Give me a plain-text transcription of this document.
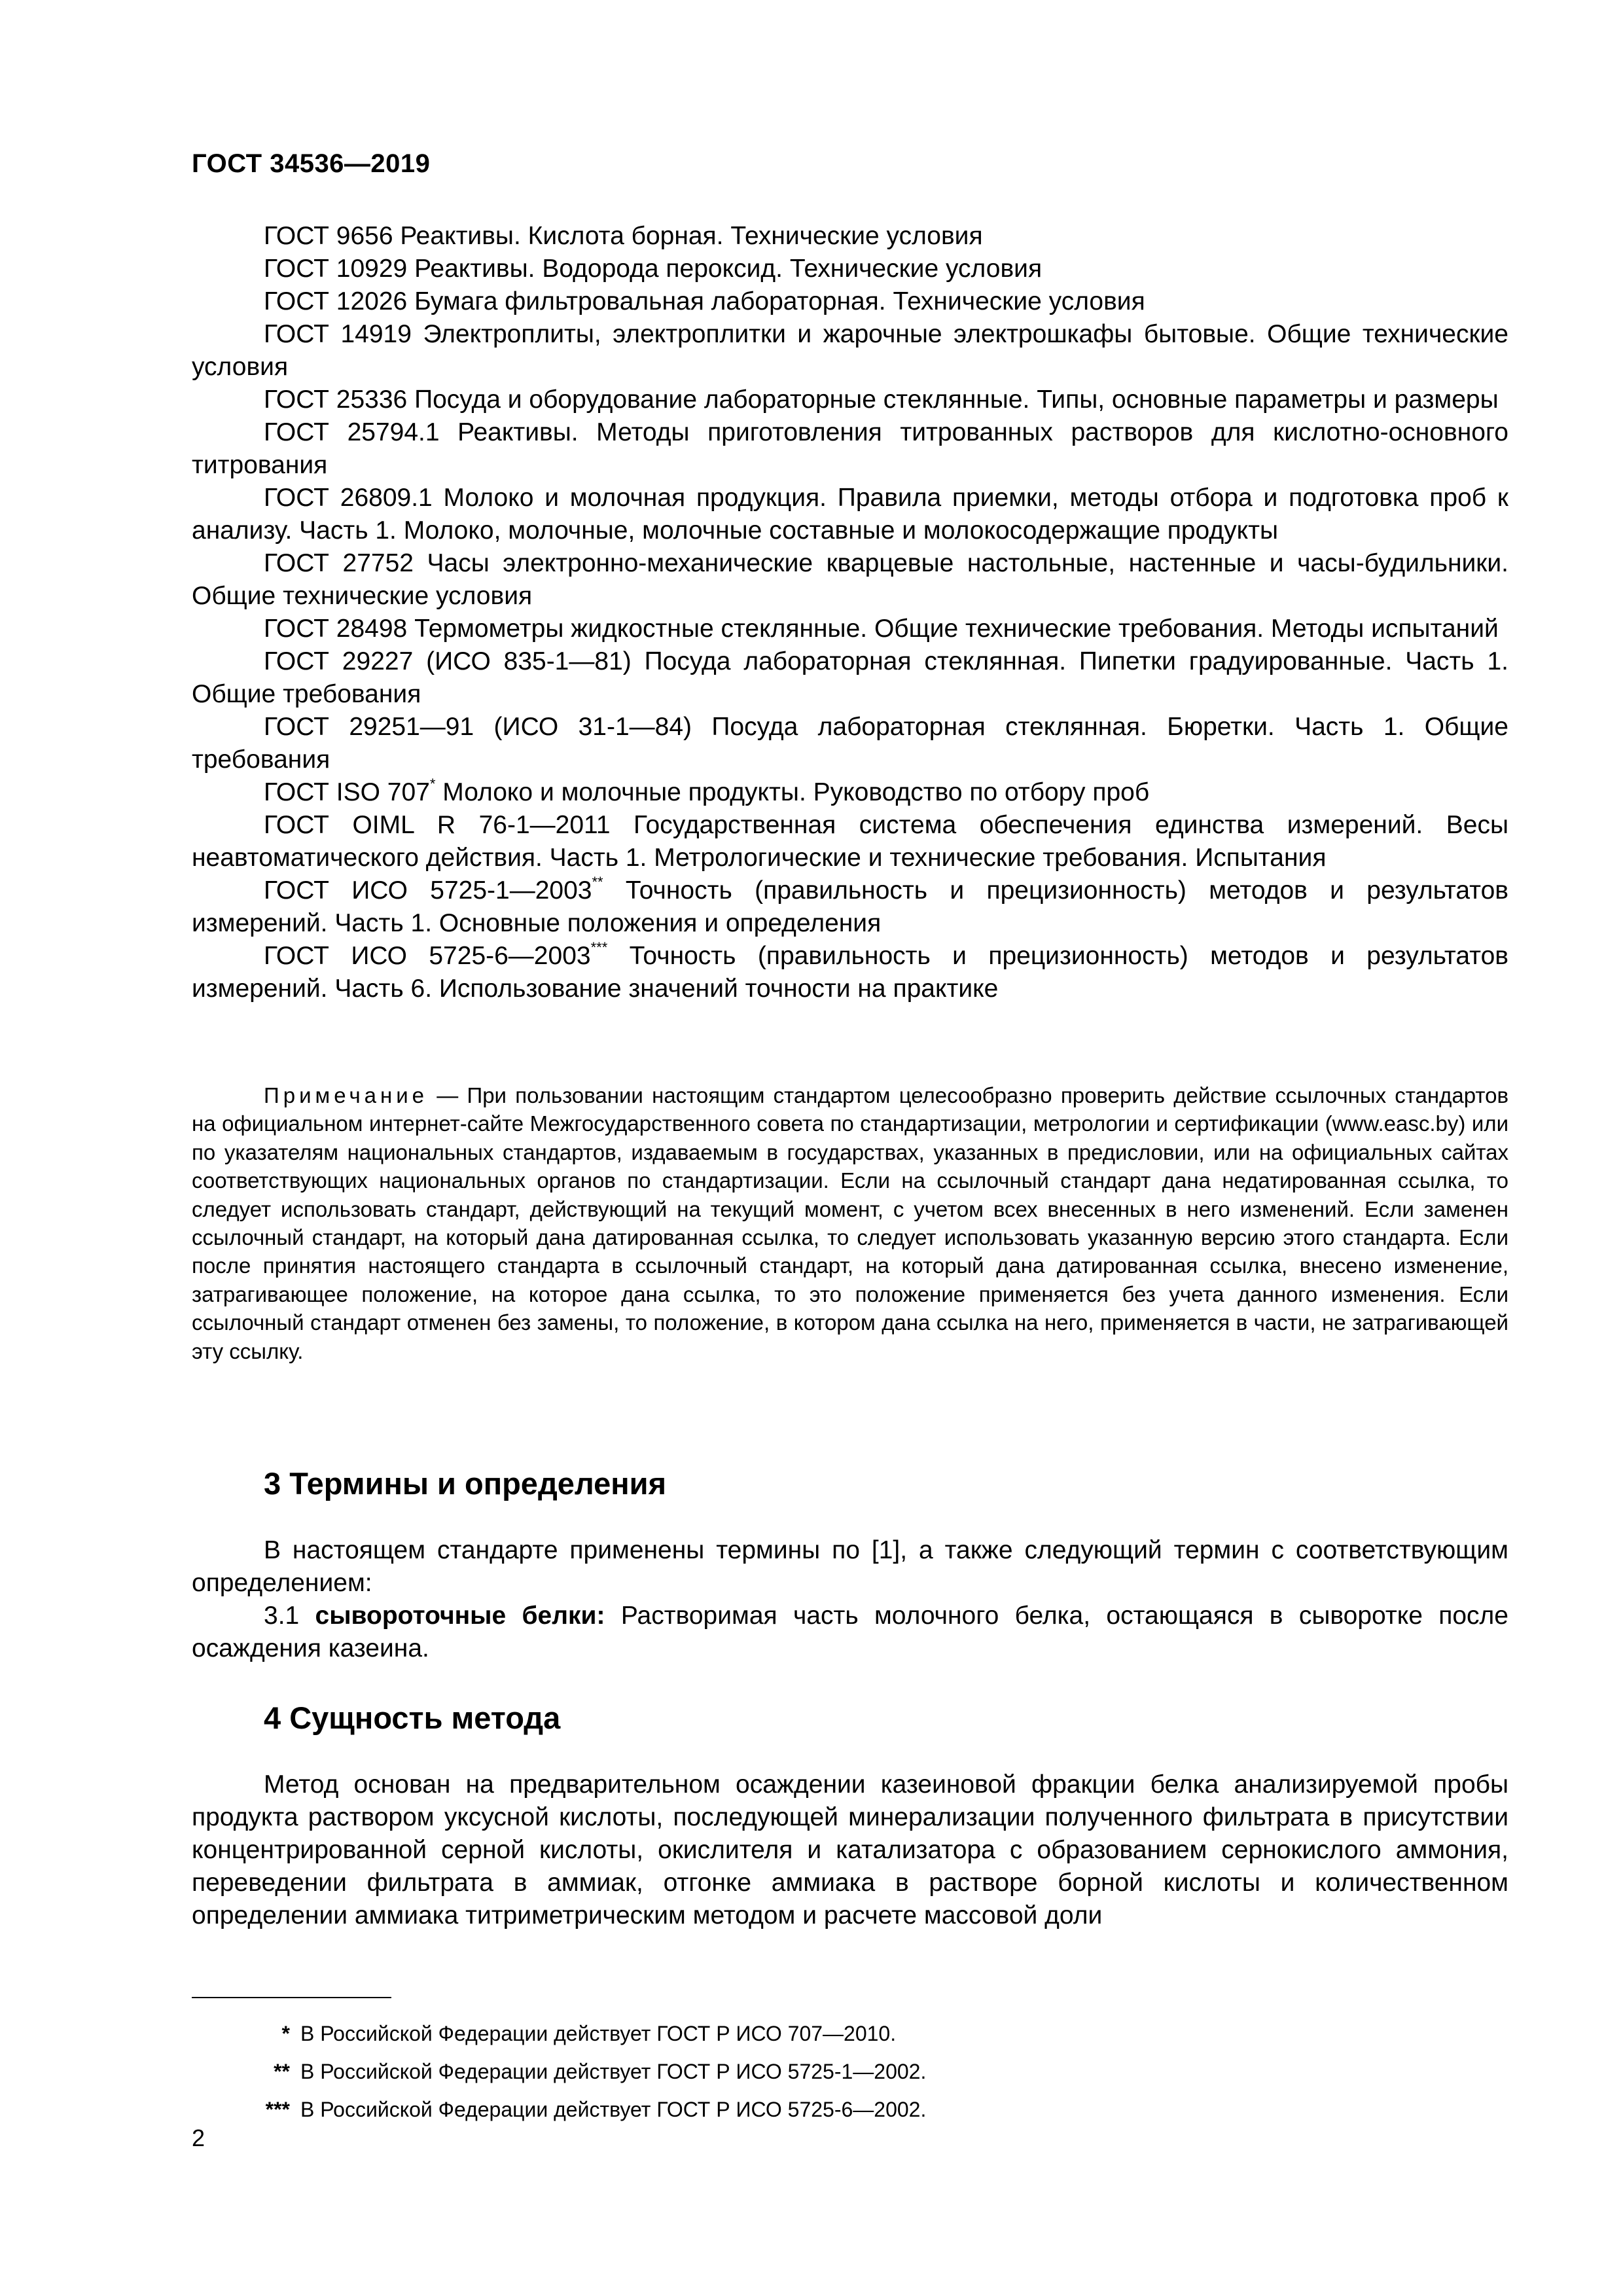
ГОСТ 34536—2019

ГОСТ 9656 Реактивы. Кислота борная. Технические условия

ГОСТ 10929 Реактивы. Водорода пероксид. Технические условия

ГОСТ 12026 Бумага фильтровальная лабораторная. Технические условия

ГОСТ 14919 Электроплиты, электроплитки и жарочные электрошкафы бытовые. Общие технические условия

ГОСТ 25336 Посуда и оборудование лабораторные стеклянные. Типы, основные параметры и размеры

ГОСТ 25794.1 Реактивы. Методы приготовления титрованных растворов для кислотно-основного титрования

ГОСТ 26809.1 Молоко и молочная продукция. Правила приемки, методы отбора и подготовка проб к анализу. Часть 1. Молоко, молочные, молочные составные и молокосодержащие продукты

ГОСТ 27752 Часы электронно-механические кварцевые настольные, настенные и часы-будильники. Общие технические условия

ГОСТ 28498 Термометры жидкостные стеклянные. Общие технические требования. Методы испытаний

ГОСТ 29227 (ИСО 835-1—81) Посуда лабораторная стеклянная. Пипетки градуированные. Часть 1. Общие требования

ГОСТ 29251—91 (ИСО 31-1—84) Посуда лабораторная стеклянная. Бюретки. Часть 1. Общие требования

ГОСТ ISO 707* Молоко и молочные продукты. Руководство по отбору проб

ГОСТ OIML R 76-1—2011 Государственная система обеспечения единства измерений. Весы неавтоматического действия. Часть 1. Метрологические и технические требования. Испытания

ГОСТ ИСО 5725-1—2003** Точность (правильность и прецизионность) методов и результатов измерений. Часть 1. Основные положения и определения

ГОСТ ИСО 5725-6—2003*** Точность (правильность и прецизионность) методов и результатов измерений. Часть 6. Использование значений точности на практике

Примечание — При пользовании настоящим стандартом целесообразно проверить действие ссылочных стандартов на официальном интернет-сайте Межгосударственного совета по стандартизации, метрологии и сертификации (www.easc.by) или по указателям национальных стандартов, издаваемым в государствах, указанных в предисловии, или на официальных сайтах соответствующих национальных органов по стандартизации. Если на ссылочный стандарт дана недатированная ссылка, то следует использовать стандарт, действующий на текущий момент, с учетом всех внесенных в него изменений. Если заменен ссылочный стандарт, на который дана датированная ссылка, то следует использовать указанную версию этого стандарта. Если после принятия настоящего стандарта в ссылочный стандарт, на который дана датированная ссылка, внесено изменение, затрагивающее положение, на которое дана ссылка, то это положение применяется без учета данного изменения. Если ссылочный стандарт отменен без замены, то положение, в котором дана ссылка на него, применяется в части, не затрагивающей эту ссылку.

3 Термины и определения

В настоящем стандарте применены термины по [1], а также следующий термин с соответствующим определением:

3.1 сывороточные белки: Растворимая часть молочного белка, остающаяся в сыворотке после осаждения казеина.

4 Сущность метода

Метод основан на предварительном осаждении казеиновой фракции белка анализируемой пробы продукта раствором уксусной кислоты, последующей минерализации полученного фильтрата в присутствии концентрированной серной кислоты, окислителя и катализатора с образованием сернокислого аммония, переведении фильтрата в аммиак, отгонке аммиака в растворе борной кислоты и количественном определении аммиака титриметрическим методом и расчете массовой доли

* В Российской Федерации действует ГОСТ Р ИСО 707—2010.
** В Российской Федерации действует ГОСТ Р ИСО 5725-1—2002.
*** В Российской Федерации действует ГОСТ Р ИСО 5725-6—2002.
2
